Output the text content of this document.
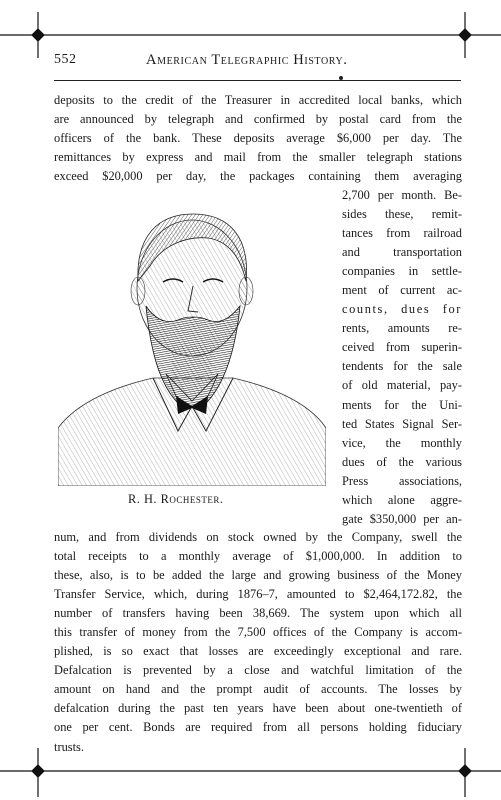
552	American Telegraphic History.
deposits to the credit of the Treasurer in accredited local banks, which
are announced by telegraph and confirmed by postal card from the
officers of the bank. These deposits average $6,000 per day. The
remittances by express and mail from the smaller telegraph stations
exceed $20,000 per day, the packages containing them averaging
2,700 per month. Be-
sides these, remit-
tances from railroad
and transportation
companies in settle-
ment of current ac-
counts, dues for
rents, amounts re-
ceived from superin-
tendents for the sale
of old material, pay-
ments for the Uni-
ted States Signal Ser-
vice, the monthly
dues of the various
Press associations,
which alone aggre-
gate $350,000 per an-
R. H. Rochester.
num, and from dividends on stock owned by the Company, swell the
total receipts to a monthly average of $1,000,000. In addition to
these, also, is to be added the large and growing business of the Money
Transfer Service, which, during 1876–7, amounted to $2,464,172.82, the
number of transfers having been 38,669. The system upon which all
this transfer of money from the 7,500 offices of the Company is accom-
plished, is so exact that losses are exceedingly exceptional and rare.
Defalcation is prevented by a close and watchful limitation of the
amount on hand and the prompt audit of accounts. The losses by
defalcation during the past ten years have been about one-twentieth of
one per cent. Bonds are required from all persons holding fiduciary
trusts.
